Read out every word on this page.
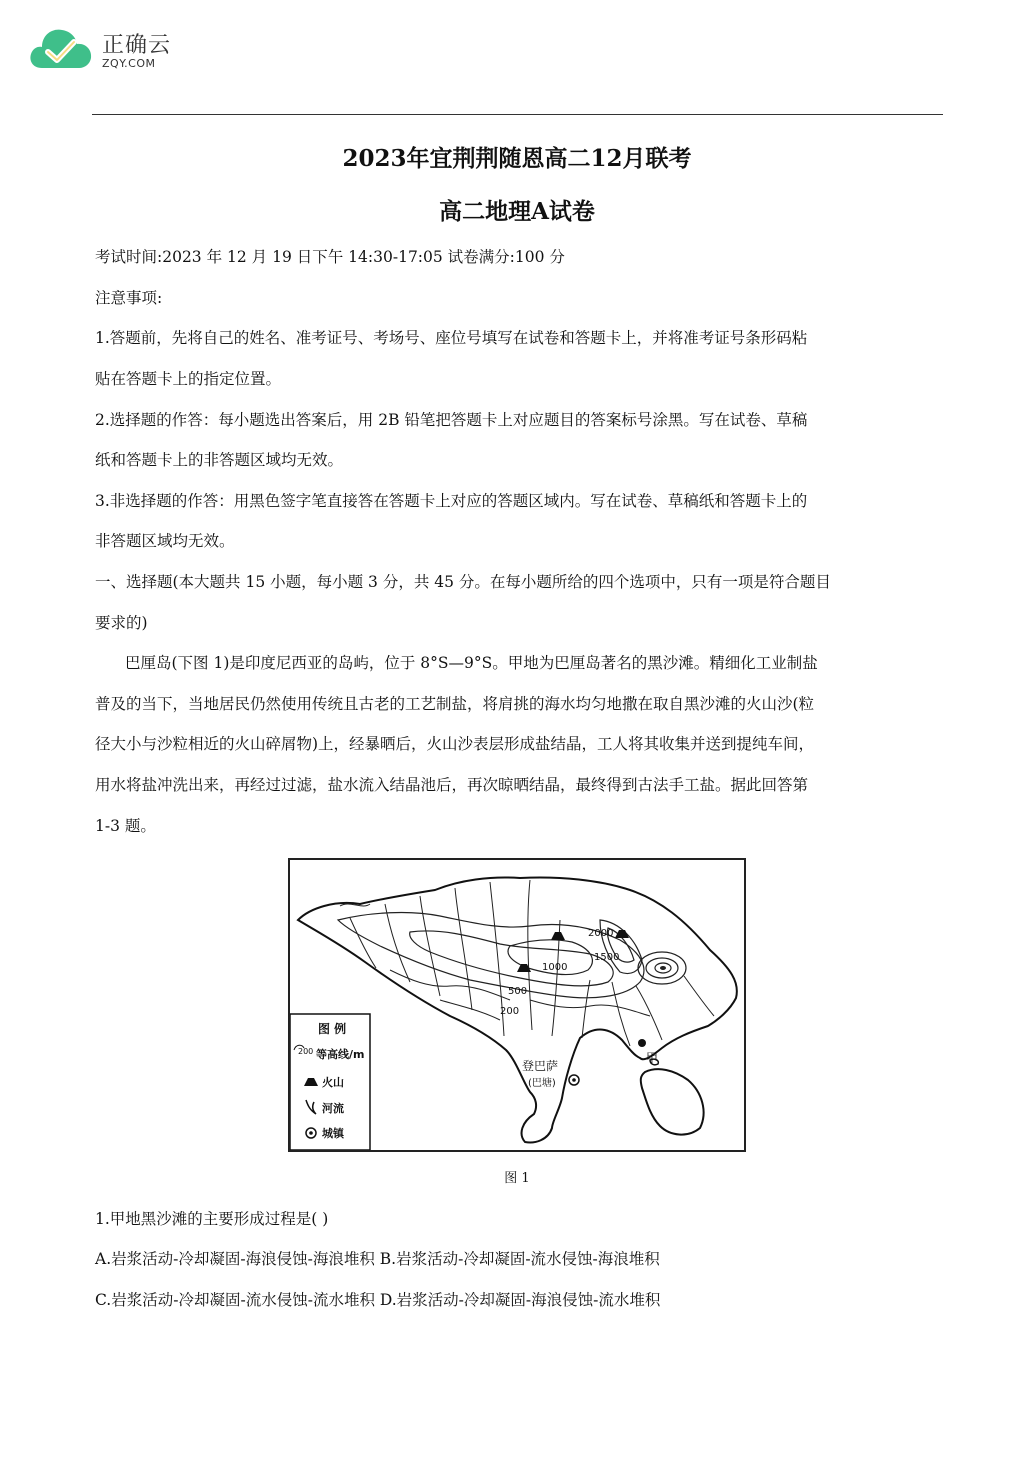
正确云
ZQY.COM
2023年宜荆荆随恩高二12月联考
高二地理A试卷
考试时间:2023 年 12 月 19 日下午 14:30-17:05 试卷满分:100 分
注意事项:
1.答题前，先将自己的姓名、准考证号、考场号、座位号填写在试卷和答题卡上，并将准考证号条形码粘
贴在答题卡上的指定位置。
2.选择题的作答：每小题选出答案后，用 2B 铅笔把答题卡上对应题目的答案标号涂黑。写在试卷、草稿
纸和答题卡上的非答题区域均无效。
3.非选择题的作答：用黑色签字笔直接答在答题卡上对应的答题区域内。写在试卷、草稿纸和答题卡上的
非答题区域均无效。
一、选择题(本大题共 15 小题，每小题 3 分，共 45 分。在每小题所给的四个选项中，只有一项是符合题目
要求的)
巴厘岛(下图 1)是印度尼西亚的岛屿，位于 8°S—9°S。甲地为巴厘岛著名的黑沙滩。精细化工业制盐
普及的当下，当地居民仍然使用传统且古老的工艺制盐，将肩挑的海水均匀地撒在取自黑沙滩的火山沙(粒
径大小与沙粒相近的火山碎屑物)上，经暴晒后，火山沙表层形成盐结晶，工人将其收集并送到提纯车间，
用水将盐冲洗出来，再经过过滤，盐水流入结晶池后，再次晾晒结晶，最终得到古法手工盐。据此回答第
1-3 题。
2000
1500
1000
500
200
登巴萨
(巴塘)
甲
图 例
200 等高线/m
火山
河流
城镇
图 1
1.甲地黑沙滩的主要形成过程是( )
A.岩浆活动-冷却凝固-海浪侵蚀-海浪堆积 B.岩浆活动-冷却凝固-流水侵蚀-海浪堆积
C.岩浆活动-冷却凝固-流水侵蚀-流水堆积 D.岩浆活动-冷却凝固-海浪侵蚀-流水堆积
